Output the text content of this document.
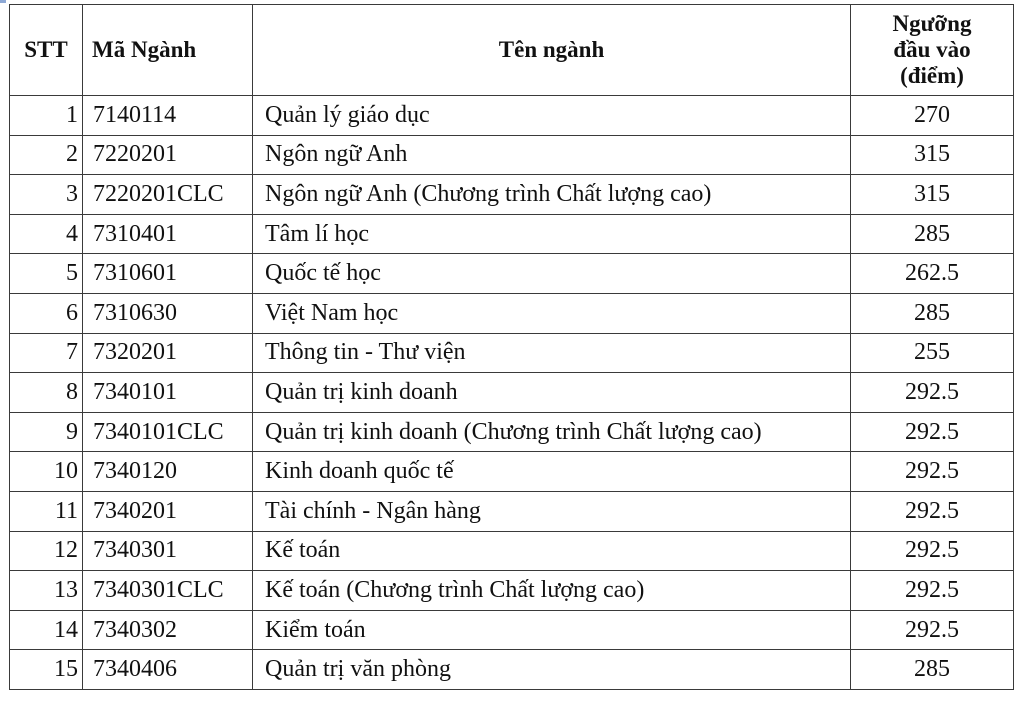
STT	Mã Ngành	Tên ngành	Ngưỡng
đầu vào
(điểm)

1	7140114	Quản lý giáo dục	270
2	7220201	Ngôn ngữ Anh	315
3	7220201CLC	Ngôn ngữ Anh (Chương trình Chất lượng cao)	315
4	7310401	Tâm lí học	285
5	7310601	Quốc tế học	262.5
6	7310630	Việt Nam học	285
7	7320201	Thông tin - Thư viện	255
8	7340101	Quản trị kinh doanh	292.5
9	7340101CLC	Quản trị kinh doanh (Chương trình Chất lượng cao)	292.5
10	7340120	Kinh doanh quốc tế	292.5
11	7340201	Tài chính - Ngân hàng	292.5
12	7340301	Kế toán	292.5
13	7340301CLC	Kế toán (Chương trình Chất lượng cao)	292.5
14	7340302	Kiểm toán	292.5
15	7340406	Quản trị văn phòng	285
